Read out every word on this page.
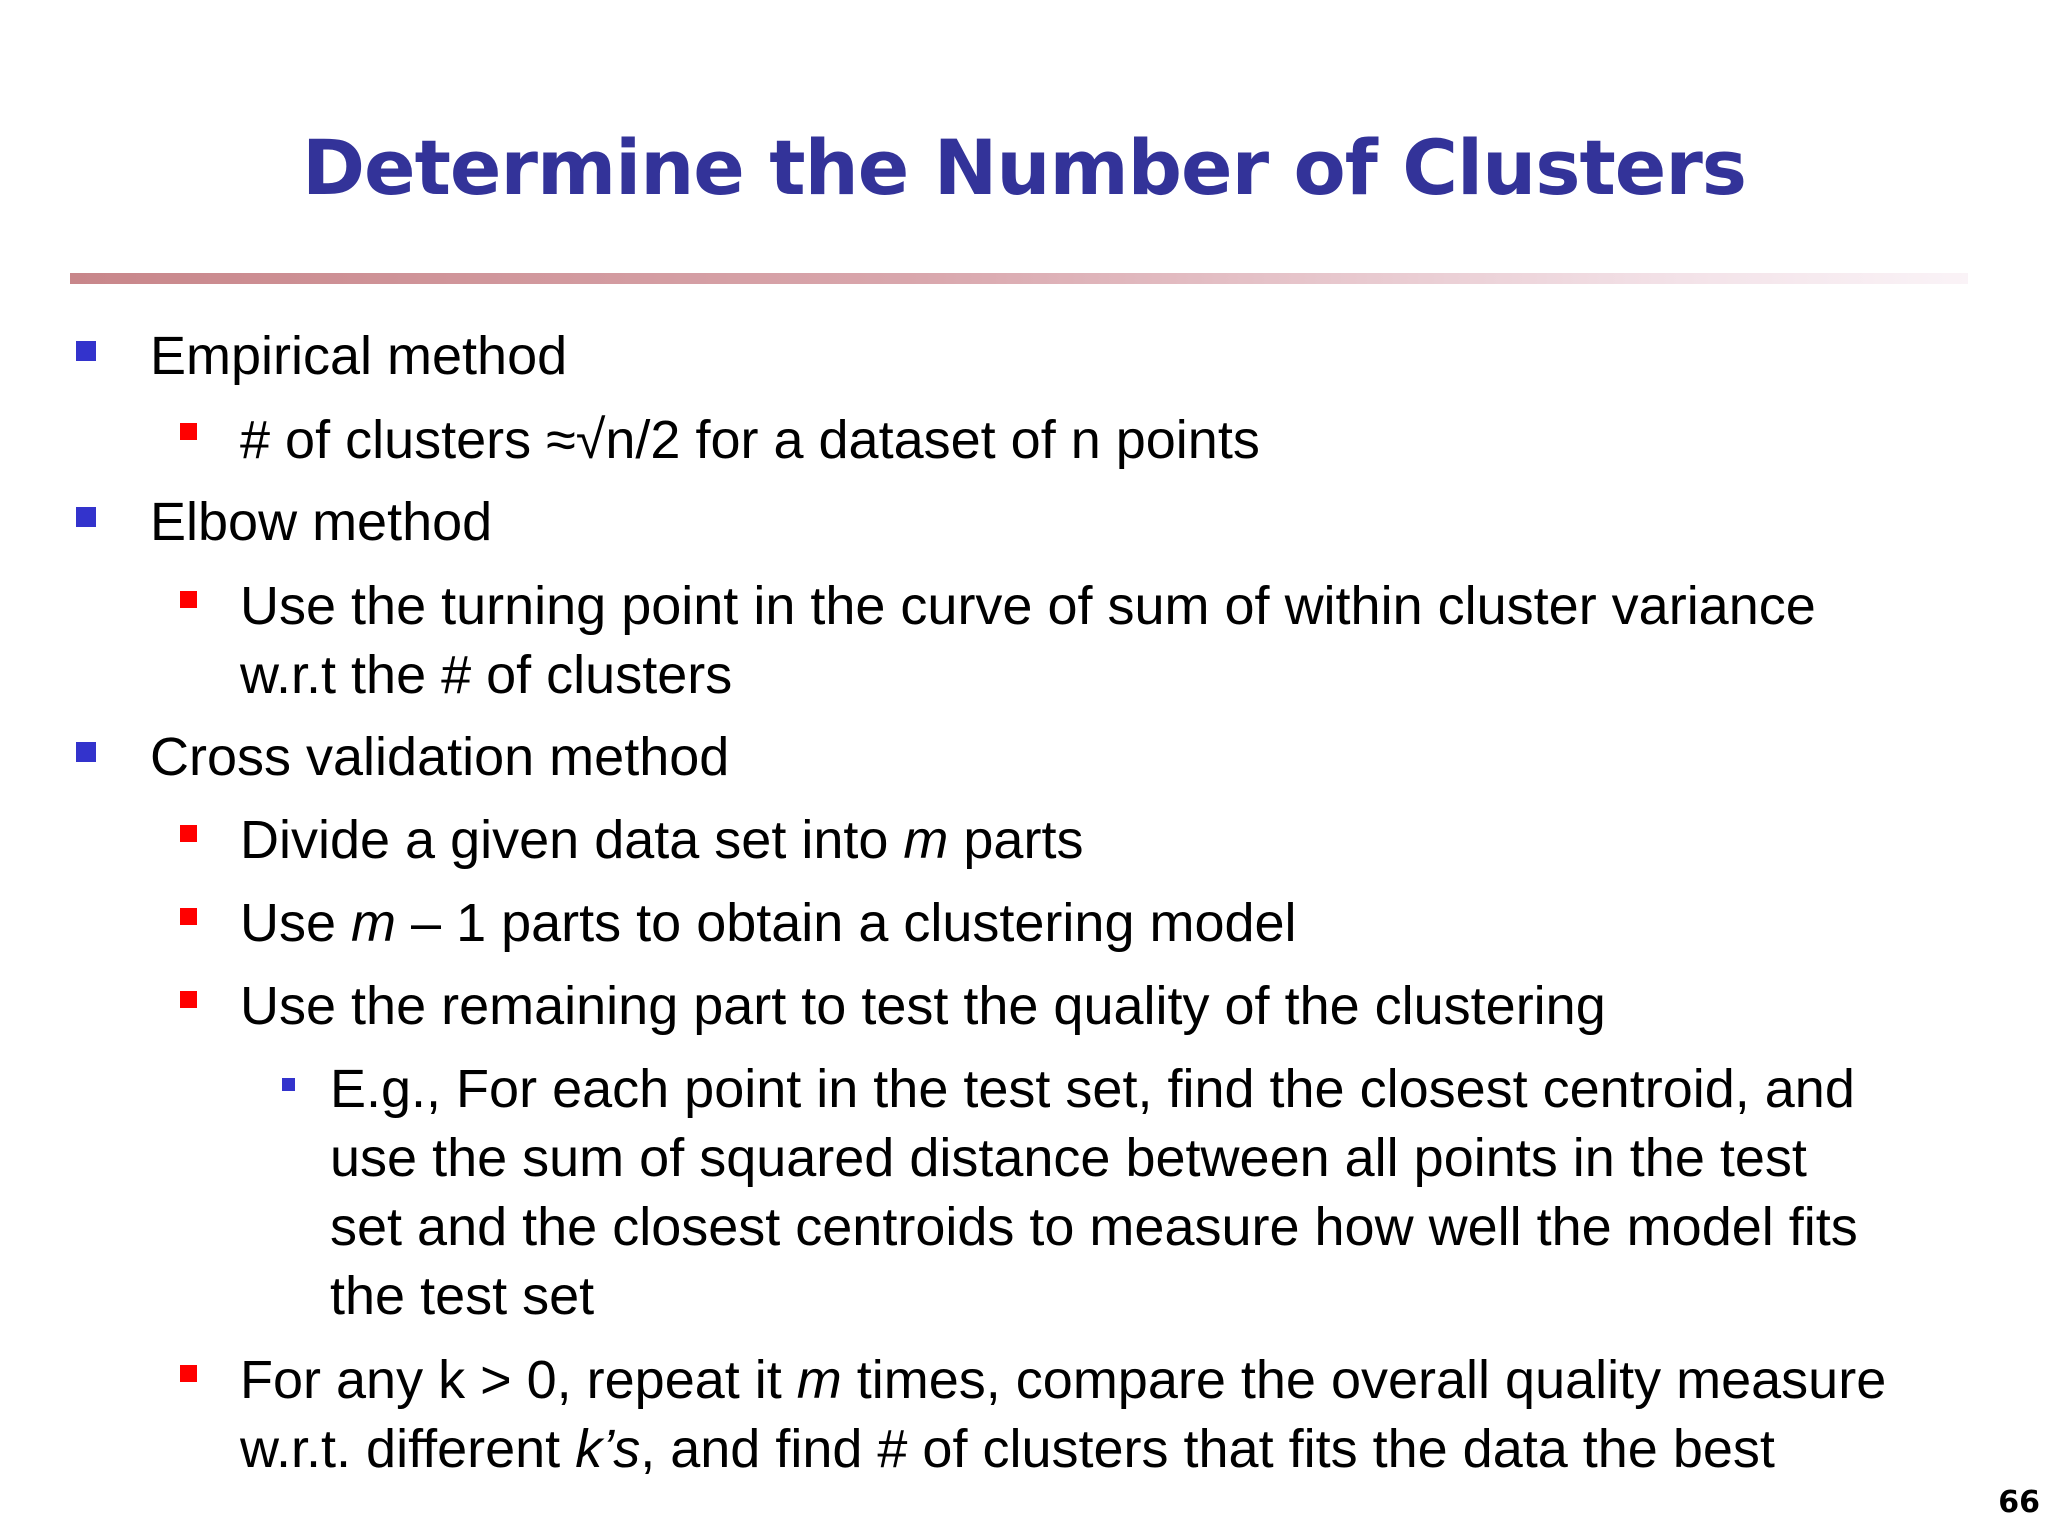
Determine the Number of Clusters
Empirical method
# of clusters ≈√n/2 for a dataset of n points
Elbow method
Use the turning point in the curve of sum of within cluster variance
w.r.t the # of clusters
Cross validation method
Divide a given data set into m parts
Use m – 1 parts to obtain a clustering model
Use the remaining part to test the quality of the clustering
E.g., For each point in the test set, find the closest centroid, and
use the sum of squared distance between all points in the test
set and the closest centroids to measure how well the model fits
the test set
For any k > 0, repeat it m times, compare the overall quality measure
w.r.t. different k’s, and find # of clusters that fits the data the best
66
